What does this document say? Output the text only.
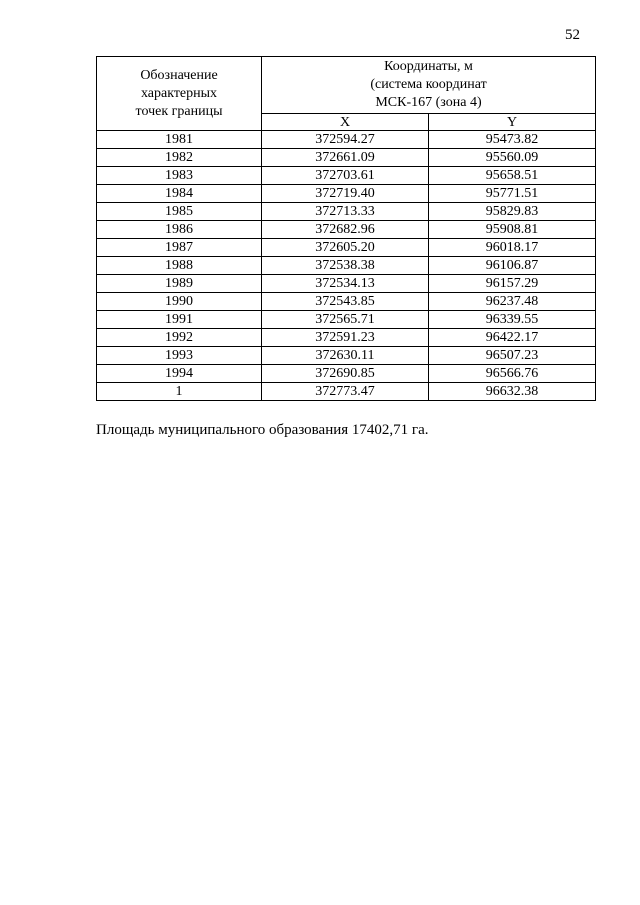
52
Обозначение
характерных
точек границы	Координаты, м
(система координат
МСК-167 (зона 4)	

	X	Y
1981	372594.27	95473.82
1982	372661.09	95560.09
1983	372703.61	95658.51
1984	372719.40	95771.51
1985	372713.33	95829.83
1986	372682.96	95908.81
1987	372605.20	96018.17
1988	372538.38	96106.87
1989	372534.13	96157.29
1990	372543.85	96237.48
1991	372565.71	96339.55
1992	372591.23	96422.17
1993	372630.11	96507.23
1994	372690.85	96566.76
1	372773.47	96632.38
Площадь муниципального образования 17402,71 га.
